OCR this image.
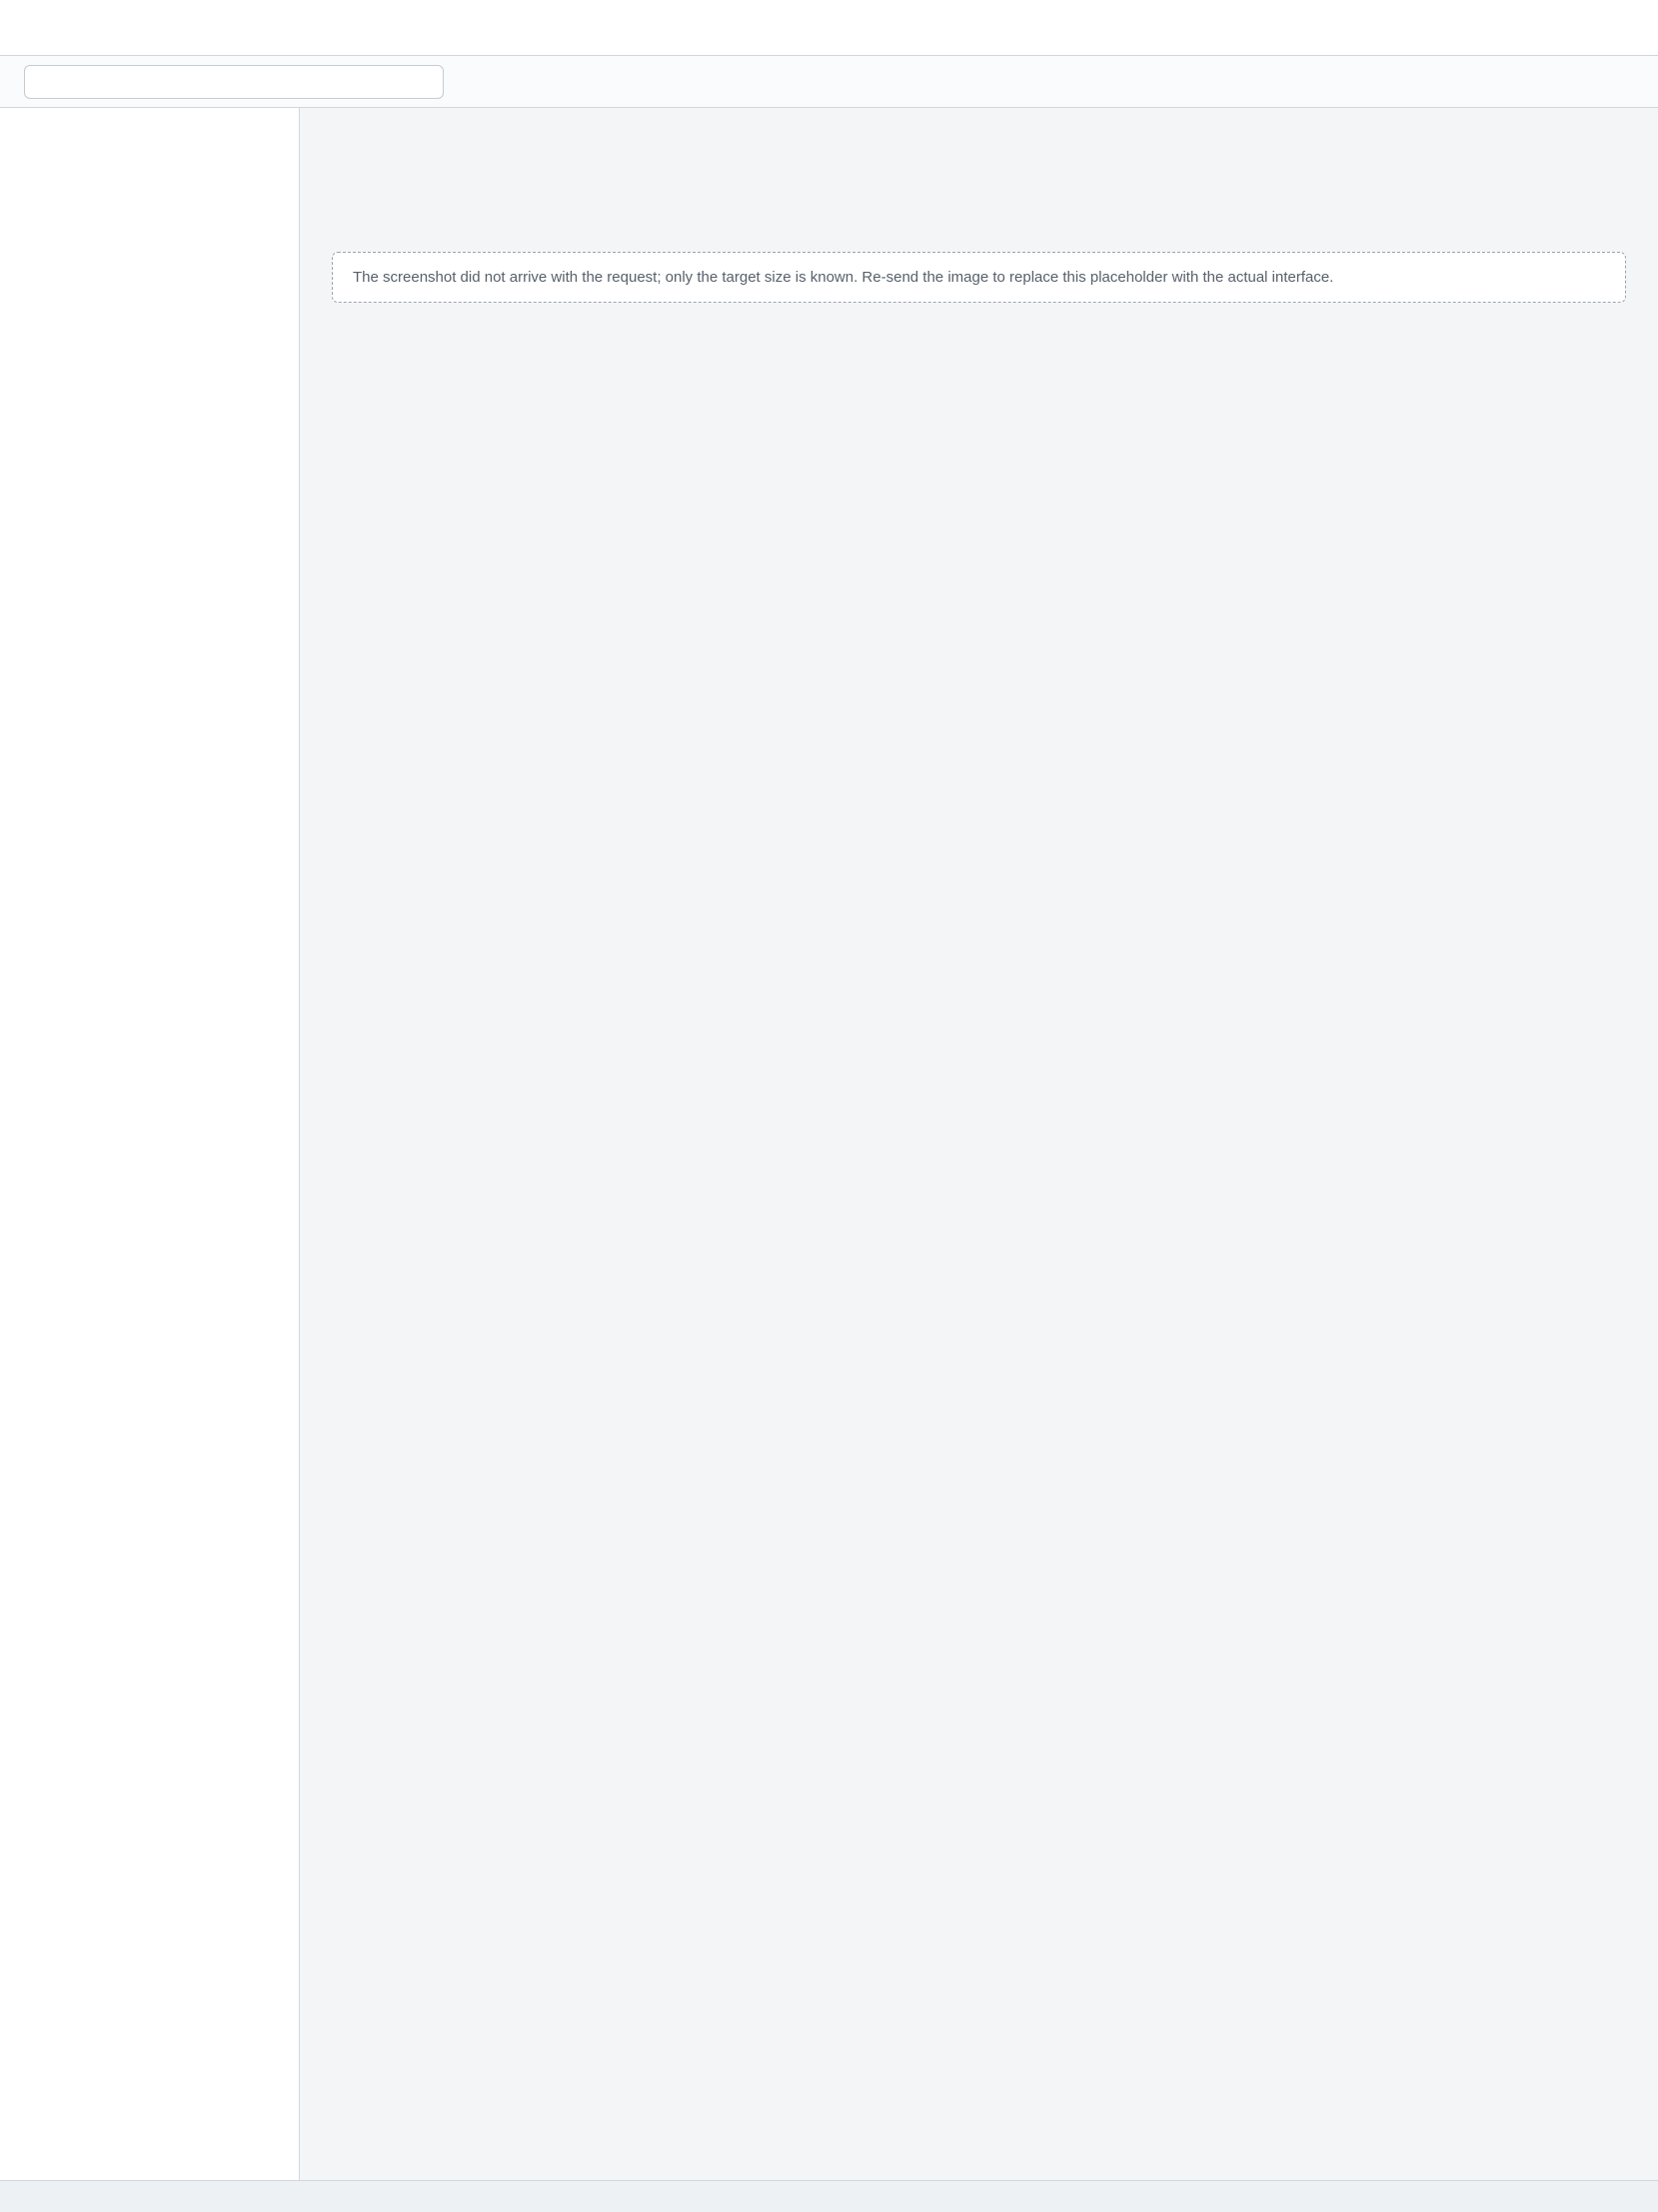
The screenshot did not arrive with the request; only the target size is known. Re-send the image to replace this placeholder with the actual interface.
